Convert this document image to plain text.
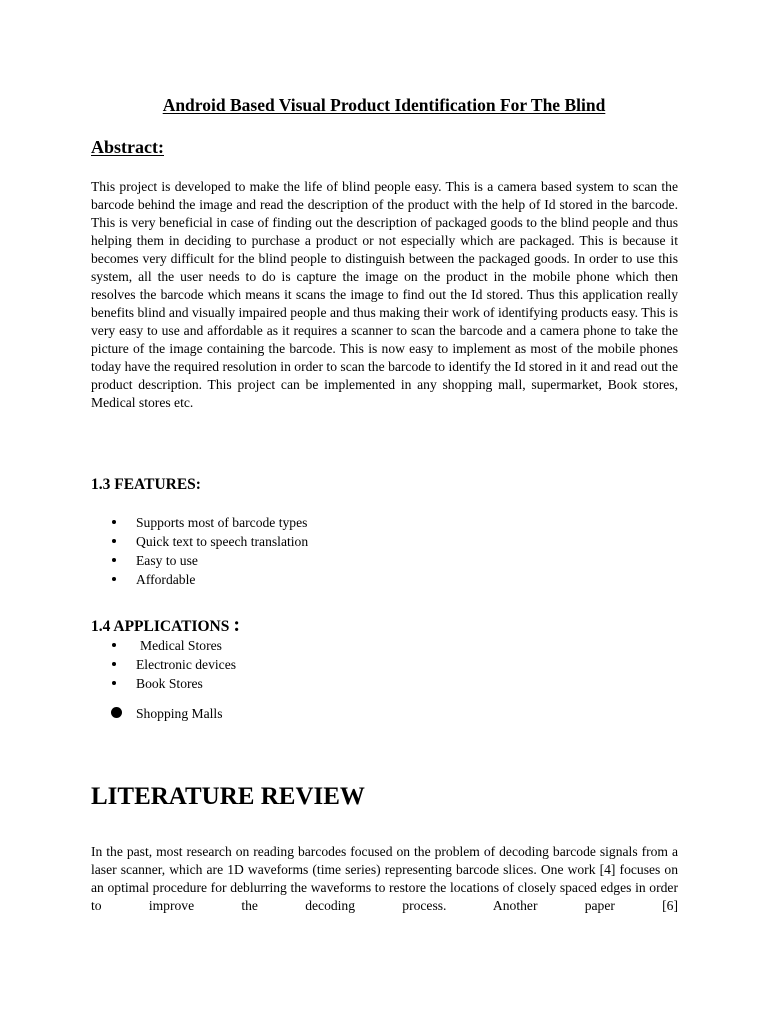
Android Based Visual Product Identification For The Blind
Abstract:

This project is developed to make the life of blind people easy. This is a camera based system to scan the barcode behind the image and read the description of the product with the help of Id stored in the barcode. This is very beneficial in case of finding out the description of packaged goods to the blind people and thus helping them in deciding to purchase a product or not especially which are packaged. This is because it becomes very difficult for the blind people to distinguish between the packaged goods. In order to use this system, all the user needs to do is capture the image on the product in the mobile phone which then resolves the barcode which means it scans the image to find out the Id stored. Thus this application really benefits blind and visually impaired people and thus making their work of identifying products easy. This is very easy to use and affordable as it requires a scanner to scan the barcode and a camera phone to take the picture of the image containing the barcode. This is now easy to implement as most of the mobile phones today have the required resolution in order to scan the barcode to identify the Id stored in it and read out the product description. This project can be implemented in any shopping mall, supermarket, Book stores, Medical stores etc.

1.3 FEATURES:
Supports most of barcode types
Quick text to speech translation
Easy to use
Affordable
1.4 APPLICATIONS :
Medical Stores
Electronic devices
Book Stores
Shopping Malls
LITERATURE REVIEW

In the past, most research on reading barcodes focused on the problem of decoding barcode signals from a laser scanner, which are 1D waveforms (time series) representing barcode slices. One work [4] focuses on an optimal procedure for deblurring the waveforms to restore the locations of closely spaced edges in order to improve the decoding process. Another paper [6]
